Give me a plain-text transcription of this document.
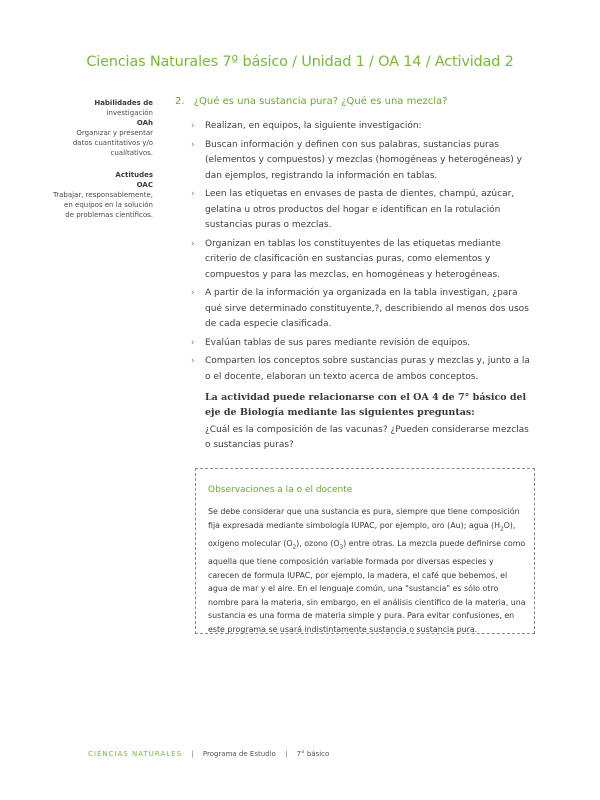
Ciencias Naturales 7º básico / Unidad 1 / OA 14 / Actividad 2
Habilidades de
investigación
OAh
Organizar y presentar
datos cuantitativos y/o
cualitativos.
Actitudes
OAC
Trabajar, responsablemente,
en equipos en la solución
de problemas científicos.
2. ¿Qué es una sustancia pura? ¿Qué es una mezcla?
› Realizan, en equipos, la siguiente investigación:
› Buscan información y definen con sus palabras, sustancias puras (elementos y compuestos) y mezclas (homogéneas y heterogéneas) y dan ejemplos, registrando la información en tablas.
› Leen las etiquetas en envases de pasta de dientes, champú, azúcar, gelatina u otros productos del hogar e identifican en la rotulación sustancias puras o mezclas.
› Organizan en tablas los constituyentes de las etiquetas mediante criterio de clasificación en sustancias puras, como elementos y compuestos y para las mezclas, en homogéneas y heterogéneas.
› A partir de la información ya organizada en la tabla investigan, ¿para qué sirve determinado constituyente,?, describiendo al menos dos usos de cada especie clasificada.
› Evalúan tablas de sus pares mediante revisión de equipos.
› Comparten los conceptos sobre sustancias puras y mezclas y, junto a la o el docente, elaboran un texto acerca de ambos conceptos.
La actividad puede relacionarse con el OA 4 de 7° básico del eje de Biología mediante las siguientes preguntas:
¿Cuál es la composición de las vacunas? ¿Pueden considerarse mezclas o sustancias puras?
Observaciones a la o el docente
Se debe considerar que una sustancia es pura, siempre que tiene composición fija expresada mediante simbología IUPAC, por ejemplo, oro (Au); agua $(H_2O)$, oxígeno molecular $(O_2)$, ozono $(O_3)$ entre otras. La mezcla puede definirse como aquella que tiene composición variable formada por diversas especies y carecen de formula IUPAC, por ejemplo, la madera, el café que bebemos, el agua de mar y el aire. En el lenguaje común, una "sustancia" es sólo otro nombre para la materia, sin embargo, en el análisis científico de la materia, una sustancia es una forma de materia simple y pura. Para evitar confusiones, en este programa se usará indistintamente sustancia o sustancia pura.
CIENCIAS NATURALES | Programa de Estudio | 7° básico
